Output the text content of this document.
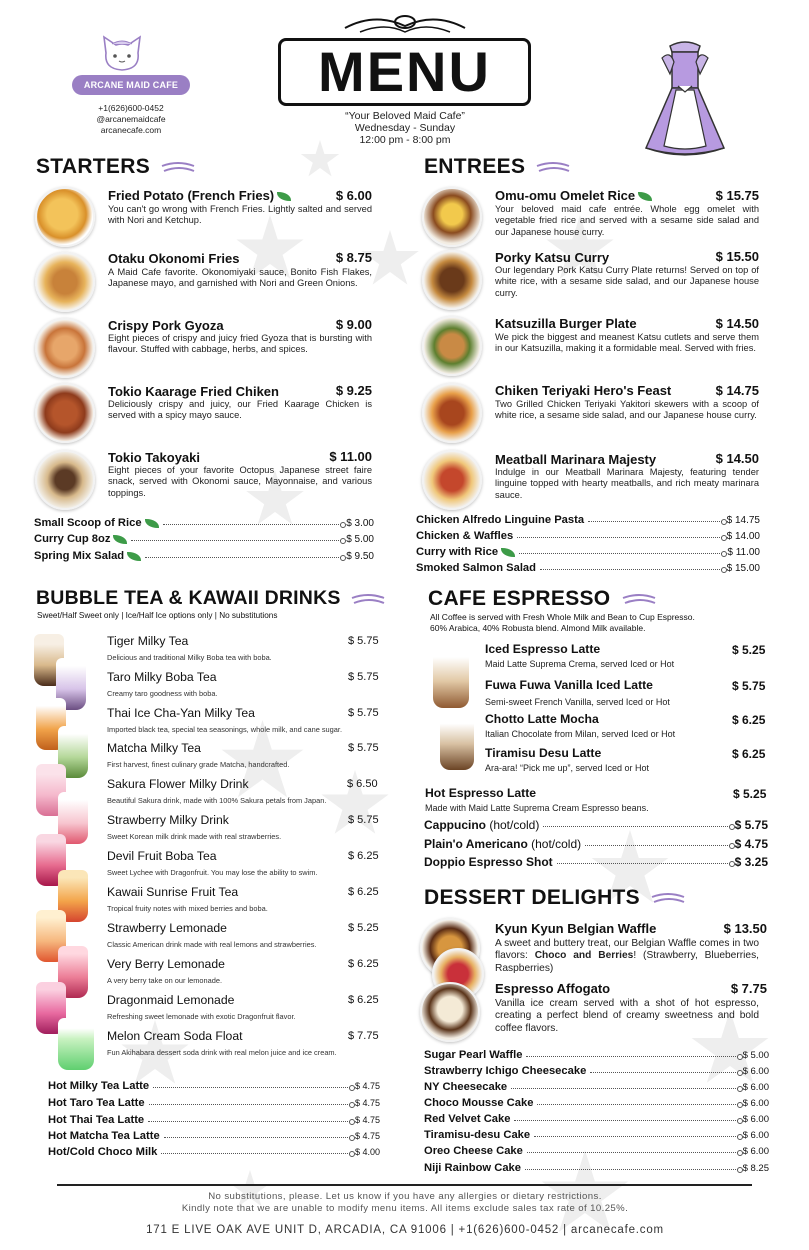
ARCANE MAID CAFE
+1(626)600-0452
@arcanemaidcafe
arcanecafe.com
MENU
“Your Beloved Maid Cafe”
Wednesday - Sunday
12:00 pm - 8:00 pm
STARTERS
Fried Potato (French Fries)	$ 6.00
You can't go wrong with French Fries. Lightly salted and served with Nori and Ketchup.
Otaku Okonomi Fries	$ 8.75
A Maid Cafe favorite. Okonomiyaki sauce, Bonito Fish Flakes, Japanese mayo, and garnished with Nori and Green Onions.
Crispy Pork Gyoza	$ 9.00
Eight pieces of crispy and juicy fried Gyoza that is bursting with flavour. Stuffed with cabbage, herbs, and spices.
Tokio Kaarage Fried Chiken	$ 9.25
Deliciously crispy and juicy, our Fried Kaarage Chicken is served with a spicy mayo sauce.
Tokio Takoyaki	$ 11.00
Eight pieces of your favorite Octopus Japanese street faire snack, served with Okonomi sauce, Mayonnaise, and various toppings.
Small Scoop of Rice	$ 3.00
Curry Cup 8oz	$ 5.00
Spring Mix Salad	$ 9.50
ENTREES
Omu-omu Omelet Rice	$ 15.75
Your beloved maid cafe entrée. Whole egg omelet with vegetable fried rice and served with a sesame side salad and our Japanese house curry.
Porky Katsu Curry	$ 15.50
Our legendary Pork Katsu Curry Plate returns! Served on top of white rice, with a sesame side salad, and our Japanese house curry.
Katsuzilla Burger Plate	$ 14.50
We pick the biggest and meanest Katsu cutlets and serve them in our Katsuzilla, making it a formidable meal. Served with fries.
Chiken Teriyaki Hero's Feast	$ 14.75
Two Grilled Chicken Teriyaki Yakitori skewers with a scoop of white rice, a sesame side salad, and our Japanese house curry.
Meatball Marinara Majesty	$ 14.50
Indulge in our Meatball Marinara Majesty, featuring tender linguine topped with hearty meatballs, and rich meaty marinara sauce.
Chicken Alfredo Linguine Pasta	$ 14.75
Chicken & Waffles	$ 14.00
Curry with Rice	$ 11.00
Smoked Salmon Salad	$ 15.00
BUBBLE TEA & KAWAII DRINKS
Sweet/Half Sweet only | Ice/Half Ice options only | No substitutions
Tiger Milky Tea	$ 5.75
Delicious and traditional Milky Boba tea with boba.
Taro Milky Boba Tea	$ 5.75
Creamy taro goodness with boba.
Thai Ice Cha-Yan Milky Tea	$ 5.75
Imported black tea, special tea seasonings, whole milk, and cane sugar.
Matcha Milky Tea	$ 5.75
First harvest, finest culinary grade Matcha, handcrafted.
Sakura Flower Milky Drink	$ 6.50
Beautiful Sakura drink, made with 100% Sakura petals from Japan.
Strawberry Milky Drink	$ 5.75
Sweet Korean milk drink made with real strawberries.
Devil Fruit Boba Tea	$ 6.25
Sweet Lychee with Dragonfruit. You may lose the ability to swim.
Kawaii Sunrise Fruit Tea	$ 6.25
Tropical fruity notes with mixed berries and boba.
Strawberry Lemonade	$ 5.25
Classic American drink made with real lemons and strawberries.
Very Berry Lemonade	$ 6.25
A very berry take on our lemonade.
Dragonmaid Lemonade	$ 6.25
Refreshing sweet lemonade with exotic Dragonfruit flavor.
Melon Cream Soda Float	$ 7.75
Fun Akihabara dessert soda drink with real melon juice and ice cream.
Hot Milky Tea Latte	$ 4.75
Hot Taro Tea Latte	$ 4.75
Hot Thai Tea Latte	$ 4.75
Hot Matcha Tea Latte	$ 4.75
Hot/Cold Choco Milk	$ 4.00
CAFE ESPRESSO
All Coffee is served with Fresh Whole Milk and Bean to Cup Espresso.
60% Arabica, 40% Robusta blend. Almond Milk available.
Iced Espresso Latte	$ 5.25
Maid Latte Suprema Crema, served Iced or Hot
Fuwa Fuwa Vanilla Iced Latte	$ 5.75
Semi-sweet French Vanilla, served Iced or Hot
Chotto Latte Mocha	$ 6.25
Italian Chocolate from Milan, served Iced or Hot
Tiramisu Desu Latte	$ 6.25
Ara-ara! “Pick me up”, served Iced or Hot
Hot Espresso Latte	$ 5.25
Made with Maid Latte Suprema Cream Espresso beans.
Cappucino (hot/cold)	$ 5.75
Plain'o Americano (hot/cold)	$ 4.75
Doppio Espresso Shot	$ 3.25
DESSERT DELIGHTS
Kyun Kyun Belgian Waffle	$ 13.50
A sweet and buttery treat, our Belgian Waffle comes in two flavors: Choco and Berries! (Strawberry, Blueberries, Raspberries)
Espresso Affogato	$ 7.75
Vanilla ice cream served with a shot of hot espresso, creating a perfect blend of creamy sweetness and bold coffee flavors.
Sugar Pearl Waffle	$ 5.00
Strawberry Ichigo Cheesecake	$ 6.00
NY Cheesecake	$ 6.00
Choco Mousse Cake	$ 6.00
Red Velvet Cake	$ 6.00
Tiramisu-desu Cake	$ 6.00
Oreo Cheese Cake	$ 6.00
Niji Rainbow Cake	$ 8.25
No substitutions, please. Let us know if you have any allergies or dietary restrictions.
Kindly note that we are unable to modify menu items. All items exclude sales tax rate of 10.25%.
171 E LIVE OAK AVE UNIT D, ARCADIA, CA 91006 | +1(626)600-0452 | arcanecafe.com
